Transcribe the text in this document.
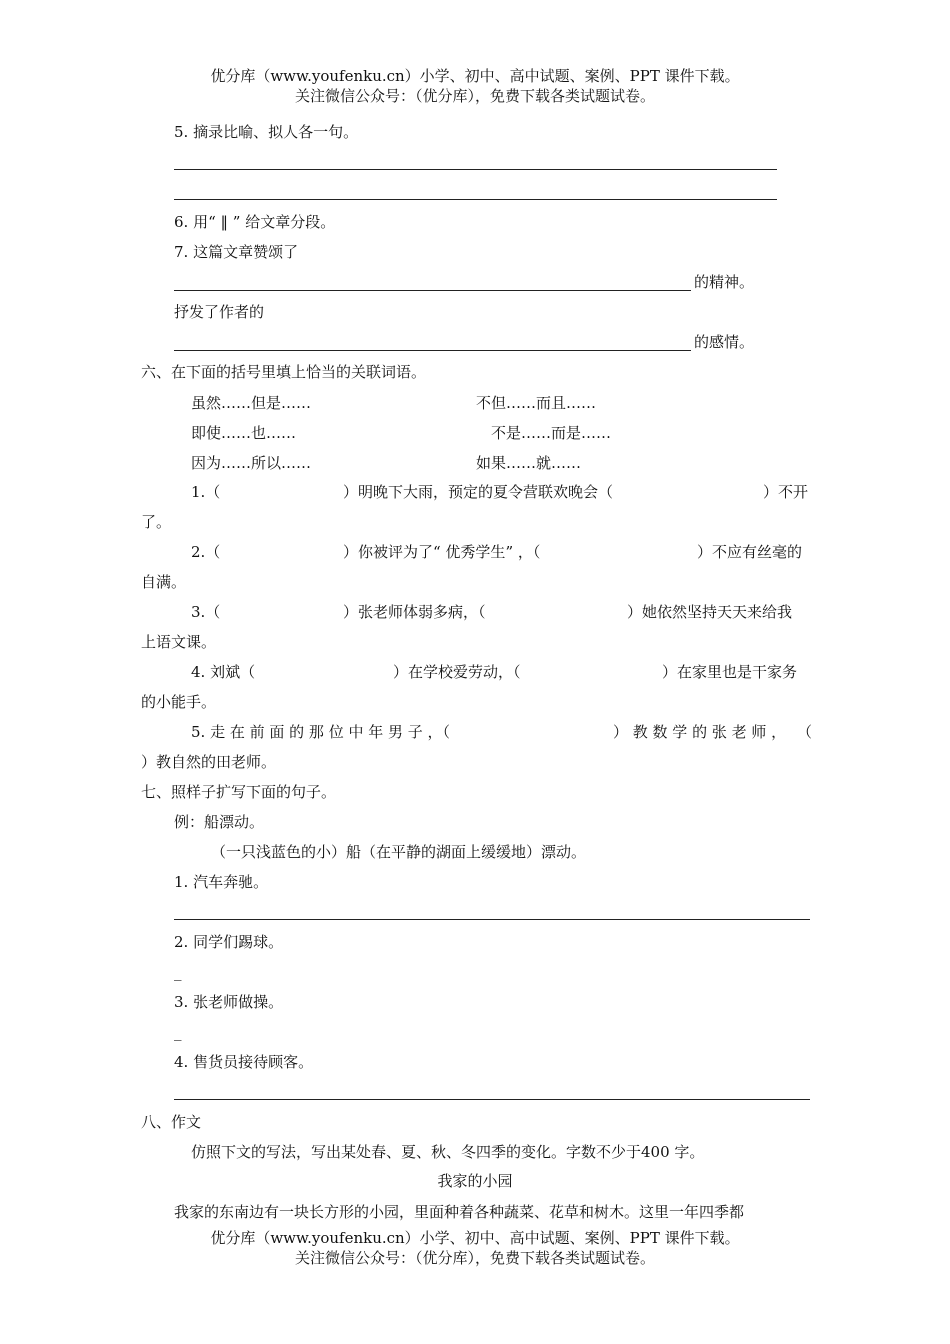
优分库（www.youfenku.cn）小学、初中、高中试题、案例、PPT 课件下载。
关注微信公众号：（优分库），免费下载各类试题试卷。
5. 摘录比喻、拟人各一句。
6. 用“ ‖ ” 给文章分段。
7. 这篇文章赞颂了
的精神。
抒发了作者的
的感情。
六、在下面的括号里填上恰当的关联词语。
虽然……但是……	不但……而且……
即使……也……	不是……而是……
因为……所以……	如果……就……
1.（	）明晚下大雨，预定的夏令营联欢晚会（	）不开
了。
2.（	）你被评为了“ 优秀学生” ，（	）不应有丝毫的
自满。
3.（	）张老师体弱多病，（	）她依然坚持天天来给我
上语文课。
4. 刘斌（	）在学校爱劳动，（	）在家里也是干家务
的小能手。
5. 走 在 前 面 的 那 位 中 年 男 子 ，（	） 教 数 学 的 张 老 师 ， （
）教自然的田老师。
七、照样子扩写下面的句子。
例：船漂动。
（一只浅蓝色的小）船（在平静的湖面上缓缓地）漂动。
1. 汽车奔驰。
2. 同学们踢球。
_
3. 张老师做操。
_
4. 售货员接待顾客。
八、作文
仿照下文的写法，写出某处春、夏、秋、冬四季的变化。字数不少于400 字。
我家的小园
我家的东南边有一块长方形的小园，里面种着各种蔬菜、花草和树木。这里一年四季都
优分库（www.youfenku.cn）小学、初中、高中试题、案例、PPT 课件下载。
关注微信公众号：（优分库），免费下载各类试题试卷。
